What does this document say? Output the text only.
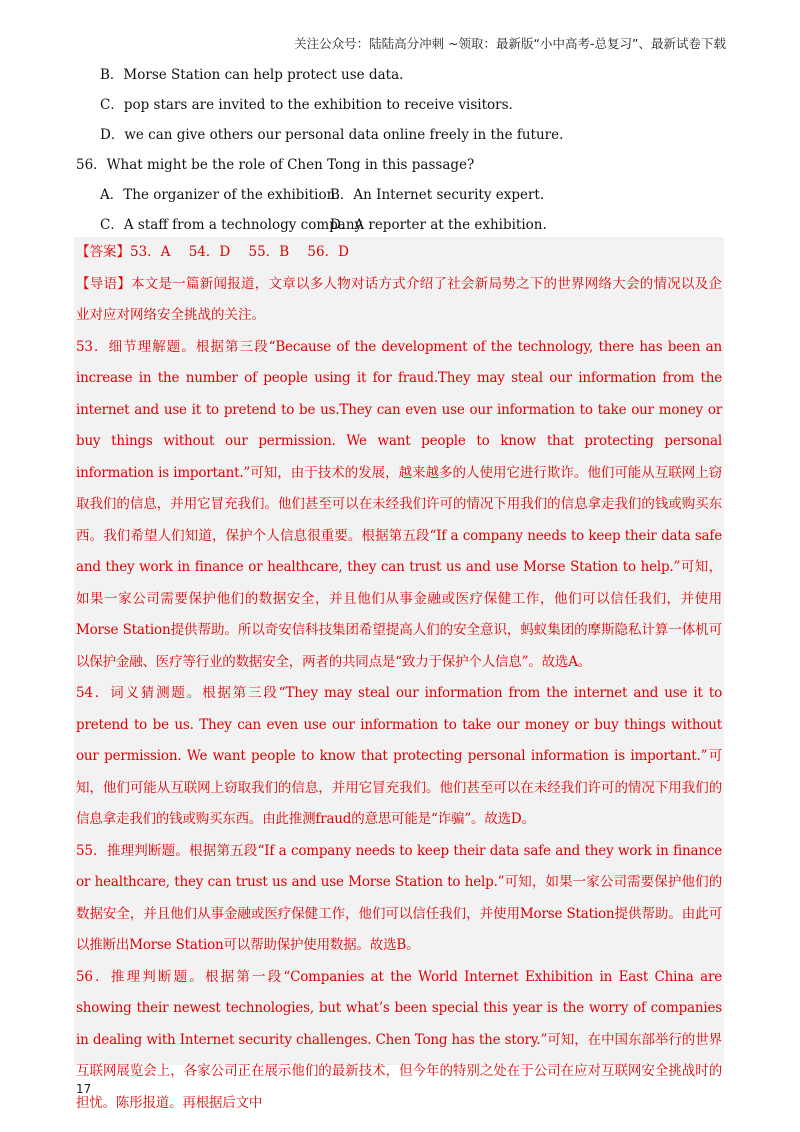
关注公众号：陆陆高分冲刺 ~领取：最新版“小中高考-总复习”、最新试卷下载
B．Morse Station can help protect use data.
C．pop stars are invited to the exhibition to receive visitors.
D．we can give others our personal data online freely in the future.
56．What might be the role of Chen Tong in this passage?
A．The organizer of the exhibition.
B．An Internet security expert.
C．A staff from a technology company.
D．A reporter at the exhibition.
【答案】53．A 54．D 55．B 56．D
【导语】本文是一篇新闻报道，文章以多人物对话方式介绍了社会新局势之下的世界网络大会的情况以及企业对应对网络安全挑战的关注。
53．细节理解题。根据第三段“Because of the development of the technology, there has been an increase in the number of people using it for fraud.They may steal our information from the internet and use it to pretend to be us.They can even use our information to take our money or buy things without our permission. We want people to know that protecting personal information is important.”可知，由于技术的发展，越来越多的人使用它进行欺诈。他们可能从互联网上窃取我们的信息，并用它冒充我们。他们甚至可以在未经我们许可的情况下用我们的信息拿走我们的钱或购买东西。我们希望人们知道，保护个人信息很重要。根据第五段“If a company needs to keep their data safe and they work in finance or healthcare, they can trust us and use Morse Station to help.”可知，如果一家公司需要保护他们的数据安全，并且他们从事金融或医疗保健工作，他们可以信任我们，并使用Morse Station提供帮助。所以奇安信科技集团希望提高人们的安全意识，蚂蚁集团的摩斯隐私计算一体机可以保护金融、医疗等行业的数据安全，两者的共同点是“致力于保护个人信息”。故选A。
54．词义猜测题。根据第三段“They may steal our information from the internet and use it to pretend to be us. They can even use our information to take our money or buy things without our permission. We want people to know that protecting personal information is important.”可知，他们可能从互联网上窃取我们的信息，并用它冒充我们。他们甚至可以在未经我们许可的情况下用我们的信息拿走我们的钱或购买东西。由此推测fraud的意思可能是“诈骗”。故选D。
55．推理判断题。根据第五段“If a company needs to keep their data safe and they work in finance or healthcare, they can trust us and use Morse Station to help.”可知，如果一家公司需要保护他们的数据安全，并且他们从事金融或医疗保健工作，他们可以信任我们，并使用Morse Station提供帮助。由此可以推断出Morse Station可以帮助保护使用数据。故选B。
56．推理判断题。根据第一段“Companies at the World Internet Exhibition in East China are showing their newest technologies, but what’s been special this year is the worry of companies in dealing with Internet security challenges. Chen Tong has the story.”可知，在中国东部举行的世界互联网展览会上，各家公司正在展示他们的最新技术，但今年的特别之处在于公司在应对互联网安全挑战时的担忧。陈彤报道。再根据后文中
17
